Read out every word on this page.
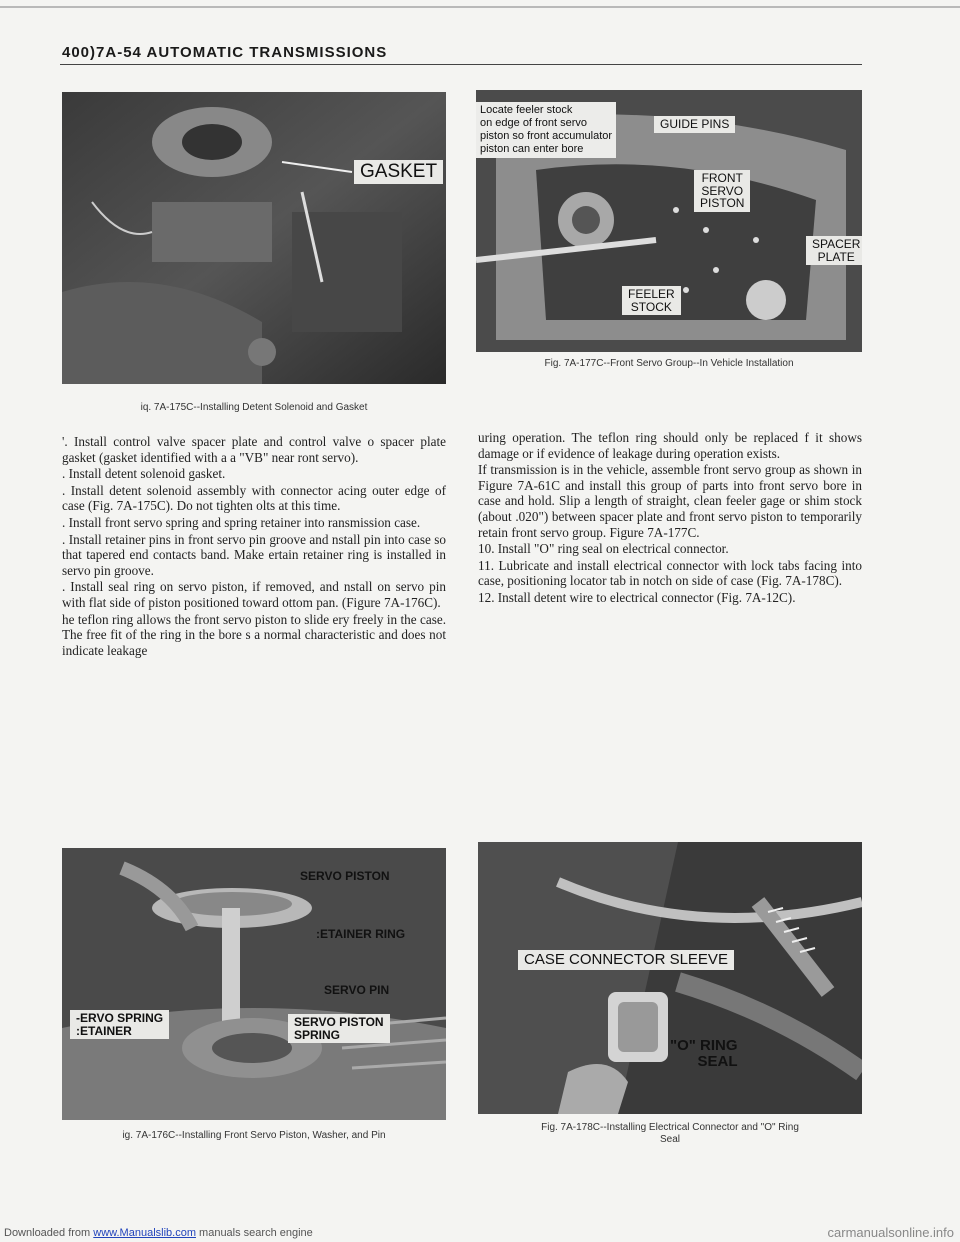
400)7A-54 AUTOMATIC TRANSMISSIONS
GASKET
iq. 7A-175C--Installing Detent Solenoid and Gasket
Locate feeler stock
on edge of front servo
piston so front accumulator
piston can enter bore
GUIDE PINS
FRONT
SERVO
PISTON
SPACER
PLATE
FEELER
STOCK
Fig. 7A-177C--Front Servo Group--In Vehicle Installation

'. Install control valve spacer plate and control valve o spacer plate gasket (gasket identified with a a "VB" near ront servo).

. Install detent solenoid gasket.

. Install detent solenoid assembly with connector acing outer edge of case (Fig. 7A-175C). Do not tighten olts at this time.

. Install front servo spring and spring retainer into ransmission case.

. Install retainer pins in front servo pin groove and nstall pin into case so that tapered end contacts band. Make ertain retainer ring is installed in servo pin groove.

. Install seal ring on servo piston, if removed, and nstall on servo pin with flat side of piston positioned toward ottom pan. (Figure 7A-176C).

he teflon ring allows the front servo piston to slide ery freely in the case. The free fit of the ring in the bore s a normal characteristic and does not indicate leakage

uring operation. The teflon ring should only be replaced f it shows damage or if evidence of leakage during operation exists.

If transmission is in the vehicle, assemble front servo group as shown in Figure 7A-61C and install this group of parts into front servo bore in case and hold. Slip a length of straight, clean feeler gage or shim stock (about .020") between spacer plate and front servo piston to temporarily retain front servo group. Figure 7A-177C.

10. Install "O" ring seal on electrical connector.

11. Lubricate and install electrical connector with lock tabs facing into case, positioning locator tab in notch on side of case (Fig. 7A-178C).

12. Install detent wire to electrical connector (Fig. 7A-12C).

SERVO PISTON
:ETAINER RING
SERVO PIN
-ERVO SPRING
:ETAINER
SERVO PISTON
SPRING
ig. 7A-176C--Installing Front Servo Piston, Washer, and Pin
CASE CONNECTOR SLEEVE
"O" RING
SEAL
Fig. 7A-178C--Installing Electrical Connector and "O" Ring
Seal
Downloaded from www.Manualslib.com manuals search engine	carmanualsonline.info
